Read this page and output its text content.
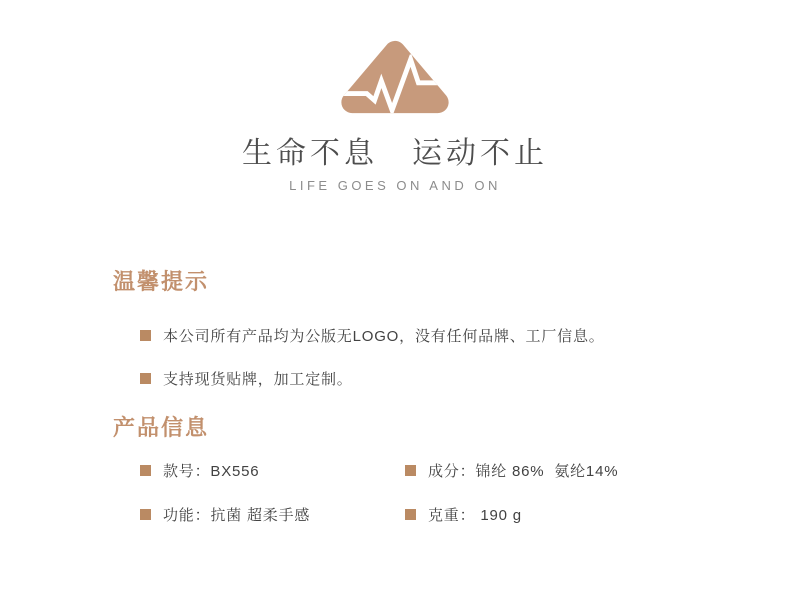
生命不息　运动不止
LIFE GOES ON AND ON
温馨提示
本公司所有产品均为公版无LOGO，没有任何品牌、工厂信息。
支持现货贴牌，加工定制。
产品信息
款号：BX556	成分：锦纶 86%  氨纶14%
功能：抗菌 超柔手感	克重： 190 g
